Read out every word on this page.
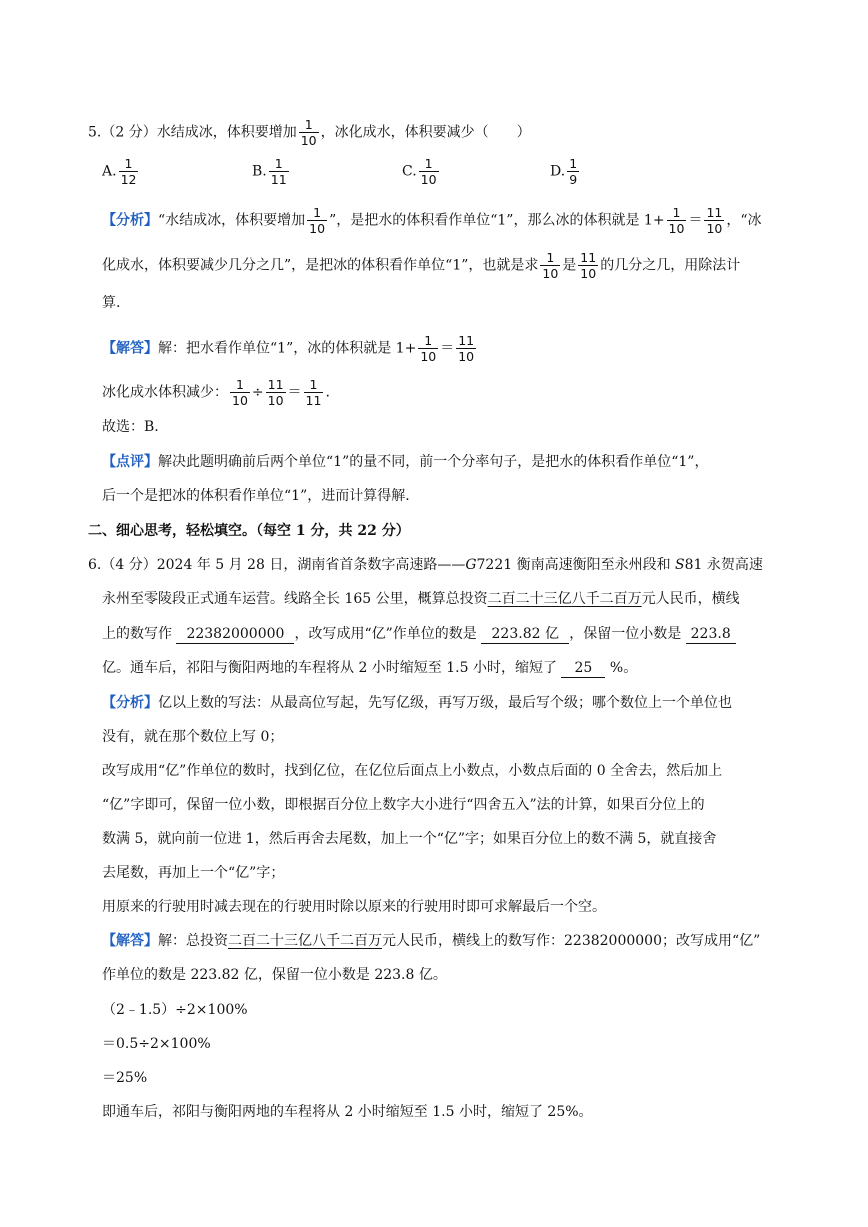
5.（2 分）水结成冰，体积要增加 $\frac{1}{10}$ ，冰化成水，体积要减少（　　）
A. $\frac{1}{12}$	B. $\frac{1}{11}$	C. $\frac{1}{10}$	D. $\frac{1}{9}$
【分析】“水结成冰，体积要增加 $\frac{1}{10}$ ”，是把水的体积看作单位“1”，那么冰的体积就是 $1+ \frac{1}{10} = \frac{11}{10}$ ，“冰
化成水，体积要减少几分之几”，是把冰的体积看作单位“1”，也就是求 $\frac{1}{10}$ 是 $\frac{11}{10}$ 的几分之几，用除法计
算.
【解答】解：把水看作单位“1”，冰的体积就是 $1+ \frac{1}{10} = \frac{11}{10}$
冰化成水体积减少： $\frac{1}{10} \div \frac{11}{10} = \frac{1}{11}$ .
故选：B.
【点评】解决此题明确前后两个单位“1”的量不同，前一个分率句子，是把水的体积看作单位“1”，
后一个是把冰的体积看作单位“1”，进而计算得解.
二、细心思考，轻松填空。（每空 1 分，共 22 分）
6.（4 分）2024 年 5 月 28 日，湖南省首条数字高速路——G7221 衡南高速衡阳至永州段和 S81 永贺高速
永州至零陵段正式通车运营。线路全长 165 公里，概算总投资二百二十三亿八千二百万元人民币，横线
上的数写作 22382000000 ，改写成用“亿”作单位的数是 223.82 亿 ，保留一位小数是 223.8
亿。通车后，祁阳与衡阳两地的车程将从 2 小时缩短至 1.5 小时，缩短了 25 %。
【分析】亿以上数的写法：从最高位写起，先写亿级，再写万级，最后写个级；哪个数位上一个单位也
没有，就在那个数位上写 0；
改写成用“亿”作单位的数时，找到亿位，在亿位后面点上小数点，小数点后面的 0 全舍去，然后加上
“亿”字即可，保留一位小数，即根据百分位上数字大小进行“四舍五入”法的计算，如果百分位上的
数满 5，就向前一位进 1，然后再舍去尾数，加上一个“亿”字；如果百分位上的数不满 5，就直接舍
去尾数，再加上一个“亿”字；
用原来的行驶用时减去现在的行驶用时除以原来的行驶用时即可求解最后一个空。
【解答】解：总投资二百二十三亿八千二百万元人民币，横线上的数写作：22382000000；改写成用“亿”
作单位的数是 223.82 亿，保留一位小数是 223.8 亿。
（2﹣1.5）÷2×100%
＝0.5÷2×100%
＝25%
即通车后，祁阳与衡阳两地的车程将从 2 小时缩短至 1.5 小时，缩短了 25%。
